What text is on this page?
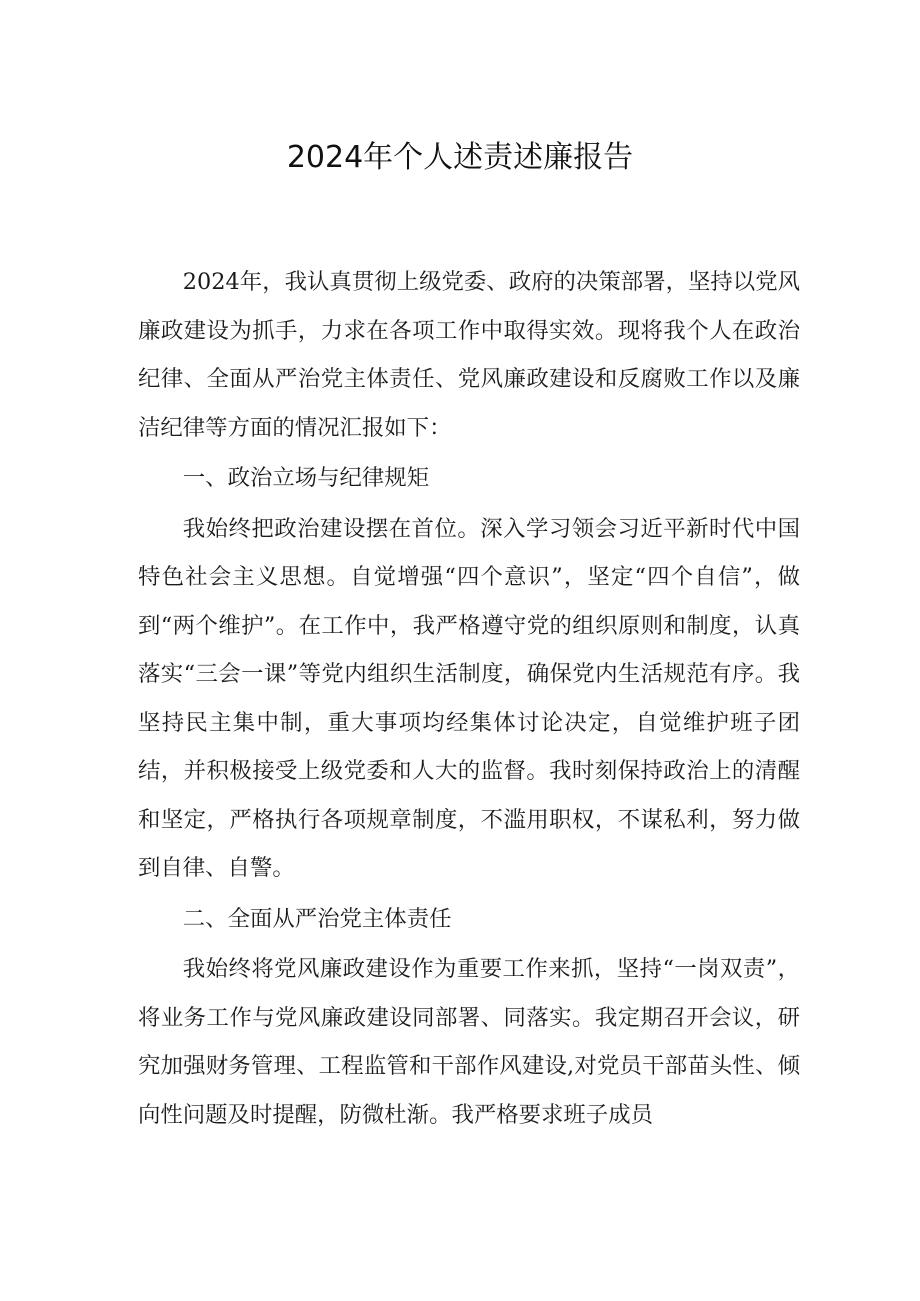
2024年个人述责述廉报告

2024年，我认真贯彻上级党委、政府的决策部署，坚持以党风廉政建设为抓手，力求在各项工作中取得实效。现将我个人在政治纪律、全面从严治党主体责任、党风廉政建设和反腐败工作以及廉洁纪律等方面的情况汇报如下：

一、政治立场与纪律规矩

我始终把政治建设摆在首位。深入学习领会习近平新时代中国特色社会主义思想。自觉增强“四个意识”，坚定“四个自信”，做到“两个维护”。在工作中，我严格遵守党的组织原则和制度，认真落实“三会一课”等党内组织生活制度，确保党内生活规范有序。我坚持民主集中制，重大事项均经集体讨论决定，自觉维护班子团结，并积极接受上级党委和人大的监督。我时刻保持政治上的清醒和坚定，严格执行各项规章制度，不滥用职权，不谋私利，努力做到自律、自警。

二、全面从严治党主体责任

我始终将党风廉政建设作为重要工作来抓，坚持“一岗双责”，将业务工作与党风廉政建设同部署、同落实。我定期召开会议，研究加强财务管理、工程监管和干部作风建设,对党员干部苗头性、倾向性问题及时提醒，防微杜渐。我严格要求班子成员
